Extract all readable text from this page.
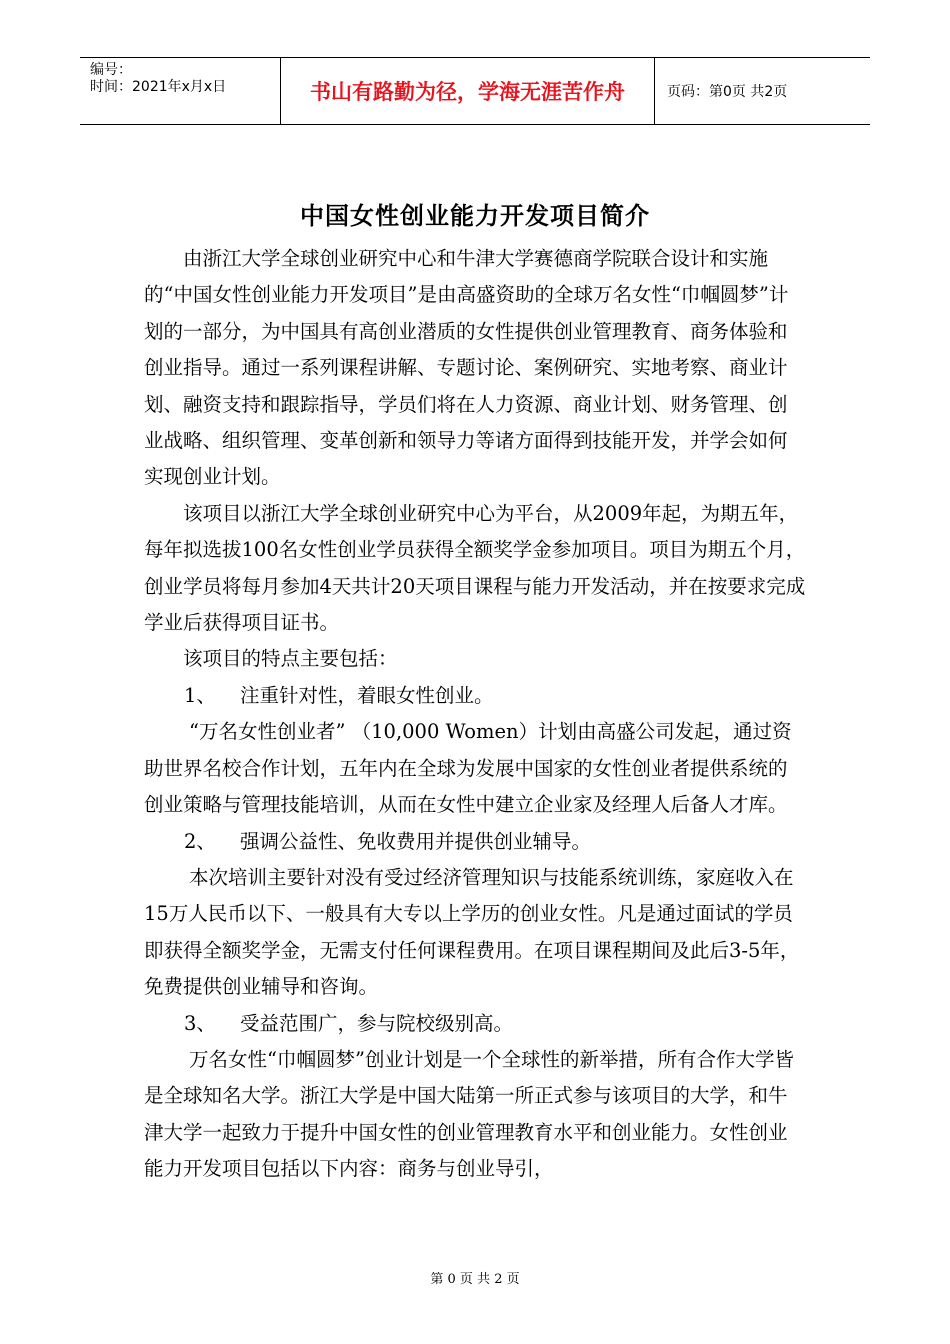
编号：
时间：2021年x月x日	书山有路勤为径，学海无涯苦作舟	页码：第0页 共2页
中国女性创业能力开发项目简介

由浙江大学全球创业研究中心和牛津大学赛德商学院联合设计和实施的“中国女性创业能力开发项目”是由高盛资助的全球万名女性“巾帼圆梦”计划的一部分，为中国具有高创业潜质的女性提供创业管理教育、商务体验和创业指导。通过一系列课程讲解、专题讨论、案例研究、实地考察、商业计划、融资支持和跟踪指导，学员们将在人力资源、商业计划、财务管理、创业战略、组织管理、变革创新和领导力等诸方面得到技能开发，并学会如何实现创业计划。

该项目以浙江大学全球创业研究中心为平台，从2009年起，为期五年，每年拟选拔100名女性创业学员获得全额奖学金参加项目。项目为期五个月，创业学员将每月参加4天共计20天项目课程与能力开发活动，并在按要求完成学业后获得项目证书。

该项目的特点主要包括：

1、 注重针对性，着眼女性创业。

“万名女性创业者” （10,000 Women）计划由高盛公司发起，通过资助世界名校合作计划，五年内在全球为发展中国家的女性创业者提供系统的创业策略与管理技能培训，从而在女性中建立企业家及经理人后备人才库。

2、 强调公益性、免收费用并提供创业辅导。

本次培训主要针对没有受过经济管理知识与技能系统训练，家庭收入在15万人民币以下、一般具有大专以上学历的创业女性。凡是通过面试的学员即获得全额奖学金，无需支付任何课程费用。在项目课程期间及此后3-5年，免费提供创业辅导和咨询。

3、 受益范围广，参与院校级别高。

万名女性“巾帼圆梦”创业计划是一个全球性的新举措，所有合作大学皆是全球知名大学。浙江大学是中国大陆第一所正式参与该项目的大学，和牛津大学一起致力于提升中国女性的创业管理教育水平和创业能力。女性创业能力开发项目包括以下内容：商务与创业导引，

第 0 页 共 2 页
